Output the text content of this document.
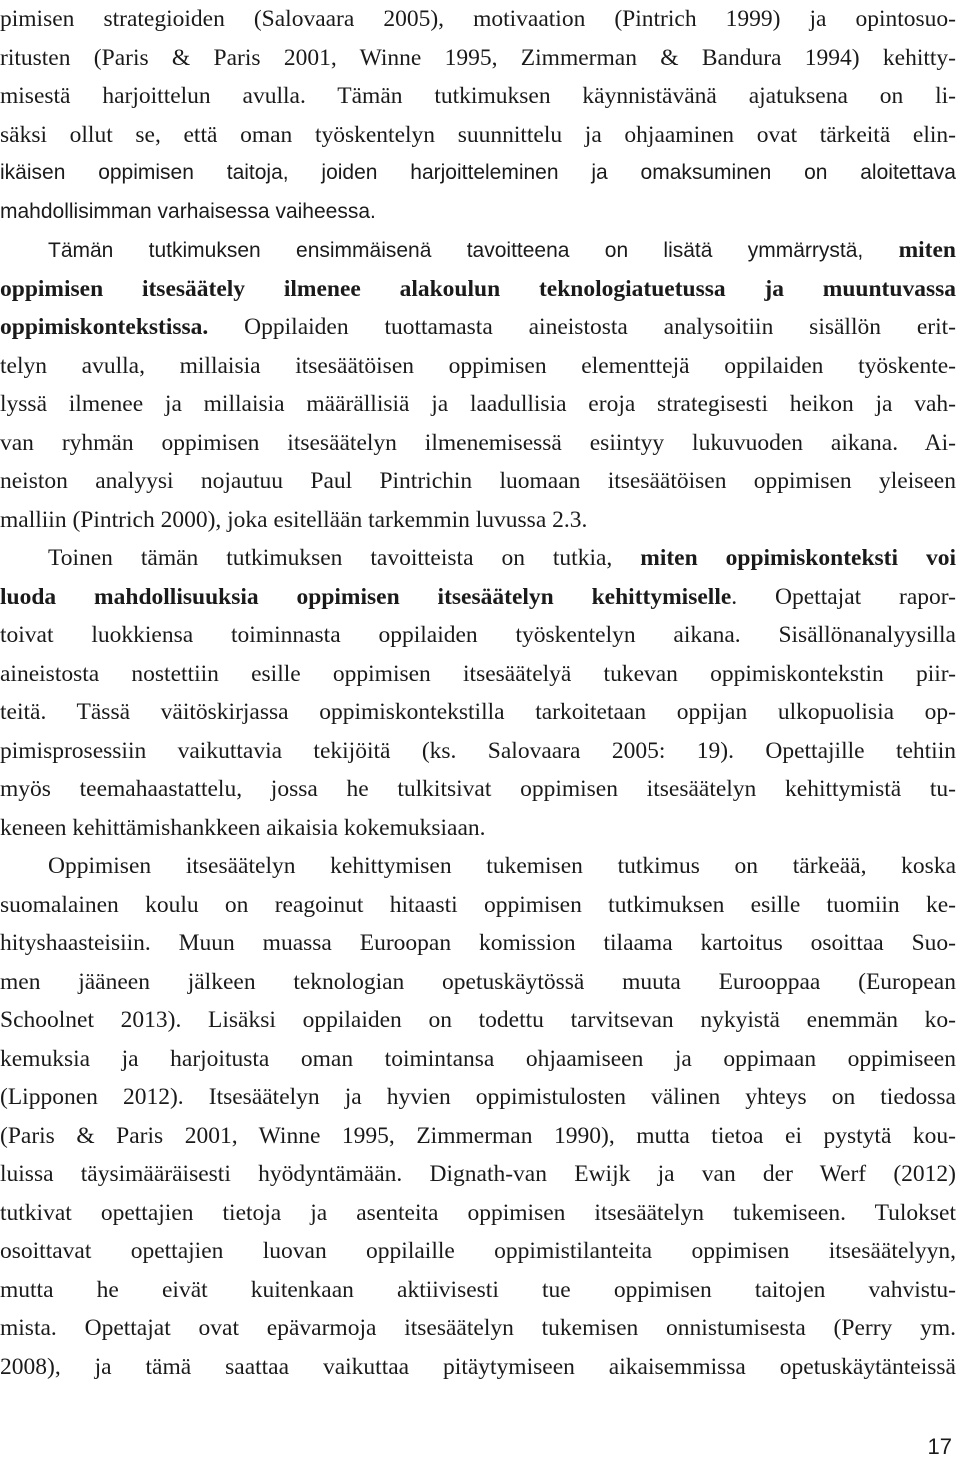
pimisen strategioiden (Salovaara 2005), motivaation (Pintrich 1999) ja opintosuo-
ritusten (Paris & Paris 2001, Winne 1995, Zimmerman & Bandura 1994) kehitty-
misestä harjoittelun avulla. Tämän tutkimuksen käynnistävänä ajatuksena on li-
säksi ollut se, että oman työskentelyn suunnittelu ja ohjaaminen ovat tärkeitä elin-
ikäisen oppimisen taitoja, joiden harjoitteleminen ja omaksuminen on aloitettava
mahdollisimman varhaisessa vaiheessa.
Tämän tutkimuksen ensimmäisenä tavoitteena on lisätä ymmärrystä, miten
oppimisen itsesäätely ilmenee alakoulun teknologiatuetussa ja muuntuvassa
oppimiskontekstissa. Oppilaiden tuottamasta aineistosta analysoitiin sisällön erit-
telyn avulla, millaisia itsesäätöisen oppimisen elementtejä oppilaiden työskente-
lyssä ilmenee ja millaisia määrällisiä ja laadullisia eroja strategisesti heikon ja vah-
van ryhmän oppimisen itsesäätelyn ilmenemisessä esiintyy lukuvuoden aikana. Ai-
neiston analyysi nojautuu Paul Pintrichin luomaan itsesäätöisen oppimisen yleiseen
malliin (Pintrich 2000), joka esitellään tarkemmin luvussa 2.3.
Toinen tämän tutkimuksen tavoitteista on tutkia, miten oppimiskonteksti voi
luoda mahdollisuuksia oppimisen itsesäätelyn kehittymiselle. Opettajat rapor-
toivat luokkiensa toiminnasta oppilaiden työskentelyn aikana. Sisällönanalyysilla
aineistosta nostettiin esille oppimisen itsesäätelyä tukevan oppimiskontekstin piir-
teitä. Tässä väitöskirjassa oppimiskontekstilla tarkoitetaan oppijan ulkopuolisia op-
pimisprosessiin vaikuttavia tekijöitä (ks. Salovaara 2005: 19). Opettajille tehtiin
myös teemahaastattelu, jossa he tulkitsivat oppimisen itsesäätelyn kehittymistä tu-
keneen kehittämishankkeen aikaisia kokemuksiaan.
Oppimisen itsesäätelyn kehittymisen tukemisen tutkimus on tärkeää, koska
suomalainen koulu on reagoinut hitaasti oppimisen tutkimuksen esille tuomiin ke-
hityshaasteisiin. Muun muassa Euroopan komission tilaama kartoitus osoittaa Suo-
men jääneen jälkeen teknologian opetuskäytössä muuta Eurooppaa (European
Schoolnet 2013). Lisäksi oppilaiden on todettu tarvitsevan nykyistä enemmän ko-
kemuksia ja harjoitusta oman toimintansa ohjaamiseen ja oppimaan oppimiseen
(Lipponen 2012). Itsesäätelyn ja hyvien oppimistulosten välinen yhteys on tiedossa
(Paris & Paris 2001, Winne 1995, Zimmerman 1990), mutta tietoa ei pystytä kou-
luissa täysimääräisesti hyödyntämään. Dignath-van Ewijk ja van der Werf (2012)
tutkivat opettajien tietoja ja asenteita oppimisen itsesäätelyn tukemiseen. Tulokset
osoittavat opettajien luovan oppilaille oppimistilanteita oppimisen itsesäätelyyn,
mutta he eivät kuitenkaan aktiivisesti tue oppimisen taitojen vahvistu-
mista. Opettajat ovat epävarmoja itsesäätelyn tukemisen onnistumisesta (Perry ym.
2008), ja tämä saattaa vaikuttaa pitäytymiseen aikaisemmissa opetuskäytänteissä
17
